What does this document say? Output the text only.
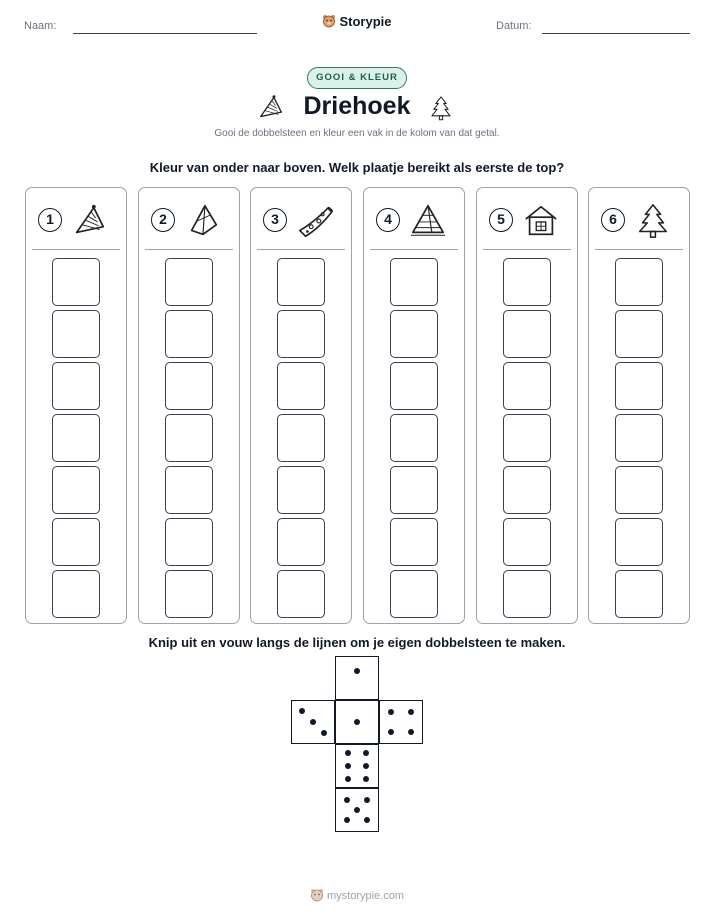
Naam:	Storypie	Datum:
GOOI & KLEUR
Driehoek
Gooi de dobbelsteen en kleur een vak in de kolom van dat getal.
Kleur van onder naar boven. Welk plaatje bereikt als eerste de top?
1	2	3	4	5	6
Knip uit en vouw langs de lijnen om je eigen dobbelsteen te maken.
mystorypie.com
